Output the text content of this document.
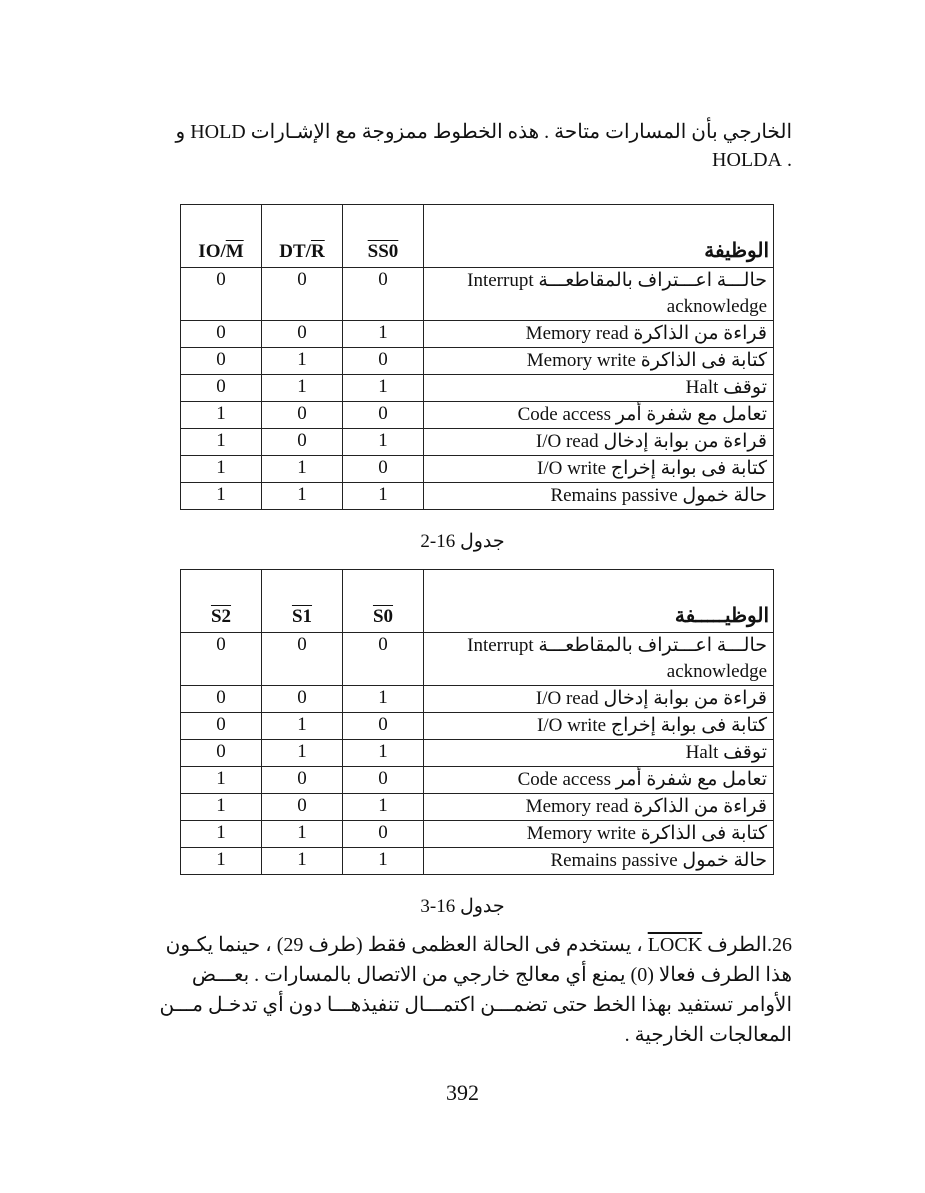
الخارجي بأن المسارات متاحة . هذه الخطوط ممزوجة مع الإشـارات HOLD و

. HOLDA

$IO/\overline{M}$	$DT/\overline{R}$	SS0	الوظيفة
0	0	0	حالـــة اعـــتراف بالمقاطعـــة Interrupt acknowledge
0	0	1	قراءة من الذاكرة Memory read
0	1	0	كتابة فى الذاكرة Memory write
0	1	1	توقف Halt
1	0	0	تعامل مع شفرة أمر Code access
1	0	1	قراءة من بوابة إدخال I/O read
1	1	0	كتابة فى بوابة إخراج I/O write
1	1	1	حالة خمول Remains passive
جدول 16-2
S2	S1	S0	الوظيـــــفة
0	0	0	حالـــة اعـــتراف بالمقاطعـــة Interrupt acknowledge
0	0	1	قراءة من بوابة إدخال I/O read
0	1	0	كتابة فى بوابة إخراج I/O write
0	1	1	توقف Halt
1	0	0	تعامل مع شفرة أمر Code access
1	0	1	قراءة من الذاكرة Memory read
1	1	0	كتابة فى الذاكرة Memory write
1	1	1	حالة خمول Remains passive
جدول 16-3

26.الطرف LOCK ، يستخدم فى الحالة العظمى فقط (طرف 29) ، حينما يكـون

هذا الطرف فعالا (0) يمنع أي معالج خارجي من الاتصال بالمسارات . بعـــض

الأوامر تستفيد بهذا الخط حتى تضمـــن اكتمـــال تنفيذهـــا دون أي تدخـل مـــن

المعالجات الخارجية .

392
